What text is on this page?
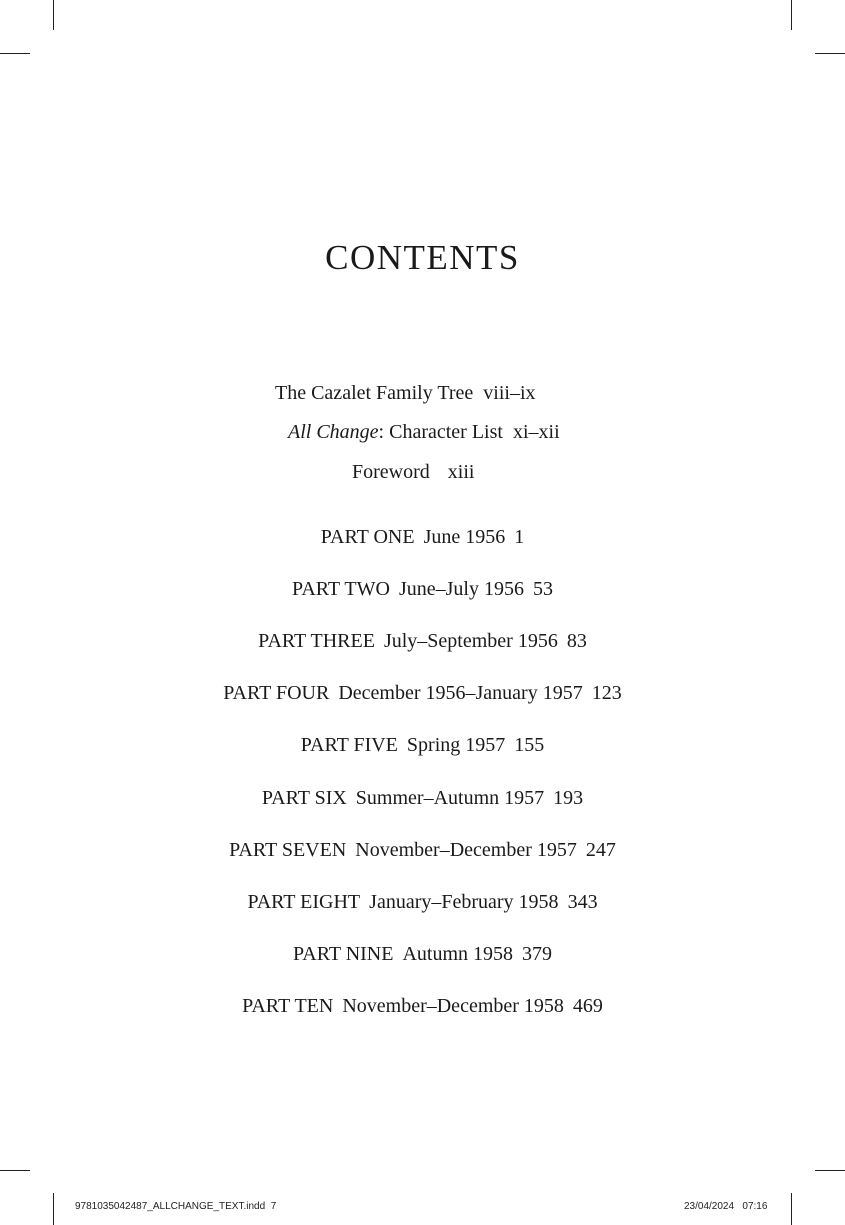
CONTENTS
The Cazalet Family Tree viii–ix
All Change: Character List xi–xii
Foreword xiii
PART ONE June 1956 1
PART TWO June–July 1956 53
PART THREE July–September 1956 83
PART FOUR December 1956–January 1957 123
PART FIVE Spring 1957 155
PART SIX Summer–Autumn 1957 193
PART SEVEN November–December 1957 247
PART EIGHT January–February 1958 343
PART NINE Autumn 1958 379
PART TEN November–December 1958 469
9781035042487_ALLCHANGE_TEXT.indd 7	23/04/2024 07:16
